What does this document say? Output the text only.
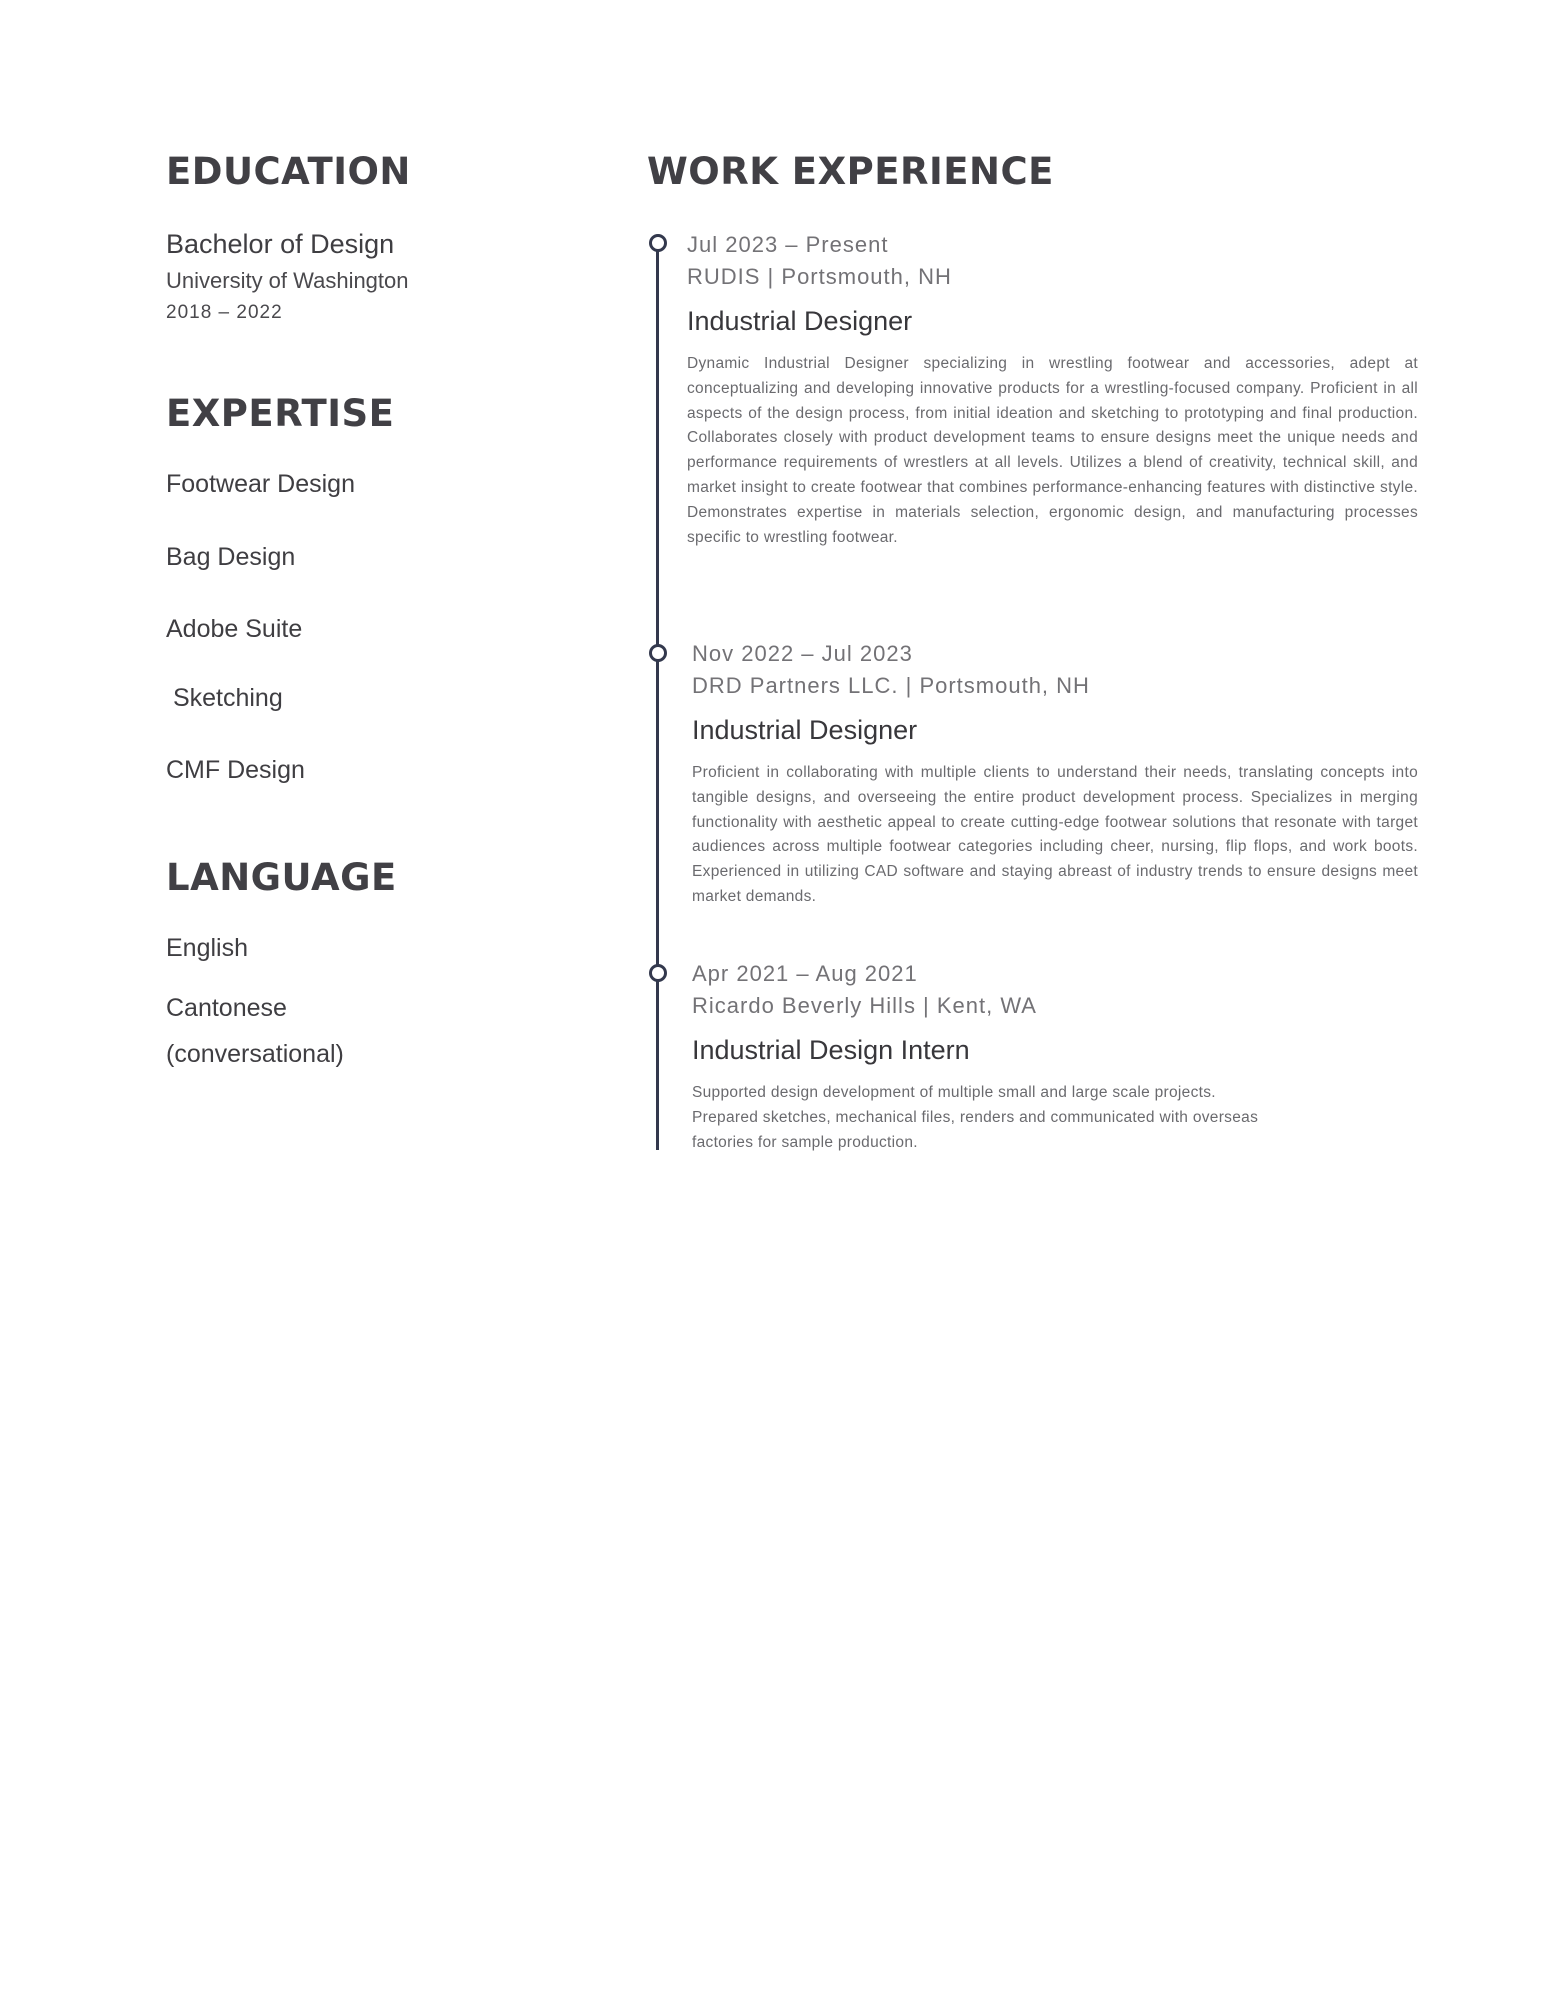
EDUCATION
Bachelor of Design
University of Washington
2018 – 2022
EXPERTISE
Footwear Design
Bag Design
Adobe Suite
Sketching
CMF Design
LANGUAGE
English
Cantonese
(conversational)
WORK EXPERIENCE
Jul 2023 – Present
RUDIS | Portsmouth, NH
Industrial Designer
Dynamic Industrial Designer specializing in wrestling footwear and accessories, adept at conceptualizing and developing innovative products for a wrestling-focused company. Proficient in all aspects of the design process, from initial ideation and sketching to prototyping and final production. Collaborates closely with product development teams to ensure designs meet the unique needs and performance requirements of wrestlers at all levels. Utilizes a blend of creativity, technical skill, and market insight to create footwear that combines performance-enhancing features with distinctive style. Demonstrates expertise in materials selection, ergonomic design, and manufacturing processes specific to wrestling footwear.
Nov 2022 – Jul 2023
DRD Partners LLC. | Portsmouth, NH
Industrial Designer
Proficient in collaborating with multiple clients to understand their needs, translating concepts into tangible designs, and overseeing the entire product development process. Specializes in merging functionality with aesthetic appeal to create cutting-edge footwear solutions that resonate with target audiences across multiple footwear categories including cheer, nursing, flip flops, and work boots. Experienced in utilizing CAD software and staying abreast of industry trends to ensure designs meet market demands.
Apr 2021 – Aug 2021
Ricardo Beverly Hills | Kent, WA
Industrial Design Intern
Supported design development of multiple small and large scale projects.
Prepared sketches, mechanical files, renders and communicated with overseas
factories for sample production.
